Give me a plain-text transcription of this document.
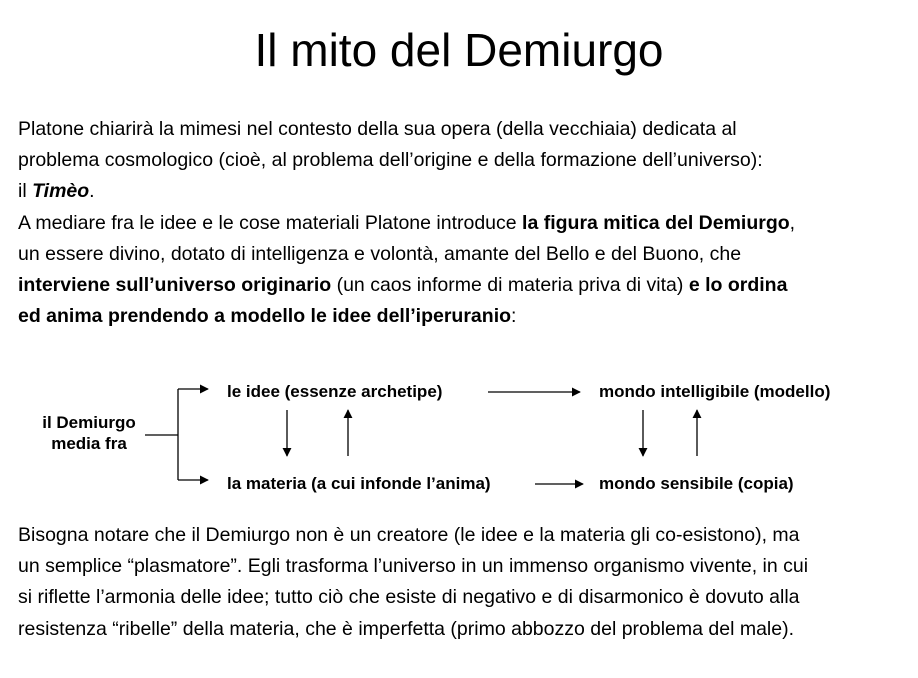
Il mito del Demiurgo
Platone chiarirà la mimesi nel contesto della sua opera (della vecchiaia) dedicata al
problema cosmologico (cioè, al problema dell’origine e della formazione dell’universo):
il Timèo.
A mediare fra le idee e le cose materiali Platone introduce la figura mitica del Demiurgo,
un essere divino, dotato di intelligenza e volontà, amante del Bello e del Buono, che
interviene sull’universo originario (un caos informe di materia priva di vita) e lo ordina
ed anima prendendo a modello le idee dell’iperuranio:
il Demiurgo
media fra
le idee (essenze archetipe)	mondo intelligibile (modello)
la materia (a cui infonde l’anima)	mondo sensibile (copia)
Bisogna notare che il Demiurgo non è un creatore (le idee e la materia gli co-esistono), ma
un semplice “plasmatore”. Egli trasforma l’universo in un immenso organismo vivente, in cui
si riflette l’armonia delle idee; tutto ciò che esiste di negativo e di disarmonico è dovuto alla
resistenza “ribelle” della materia, che è imperfetta (primo abbozzo del problema del male).
